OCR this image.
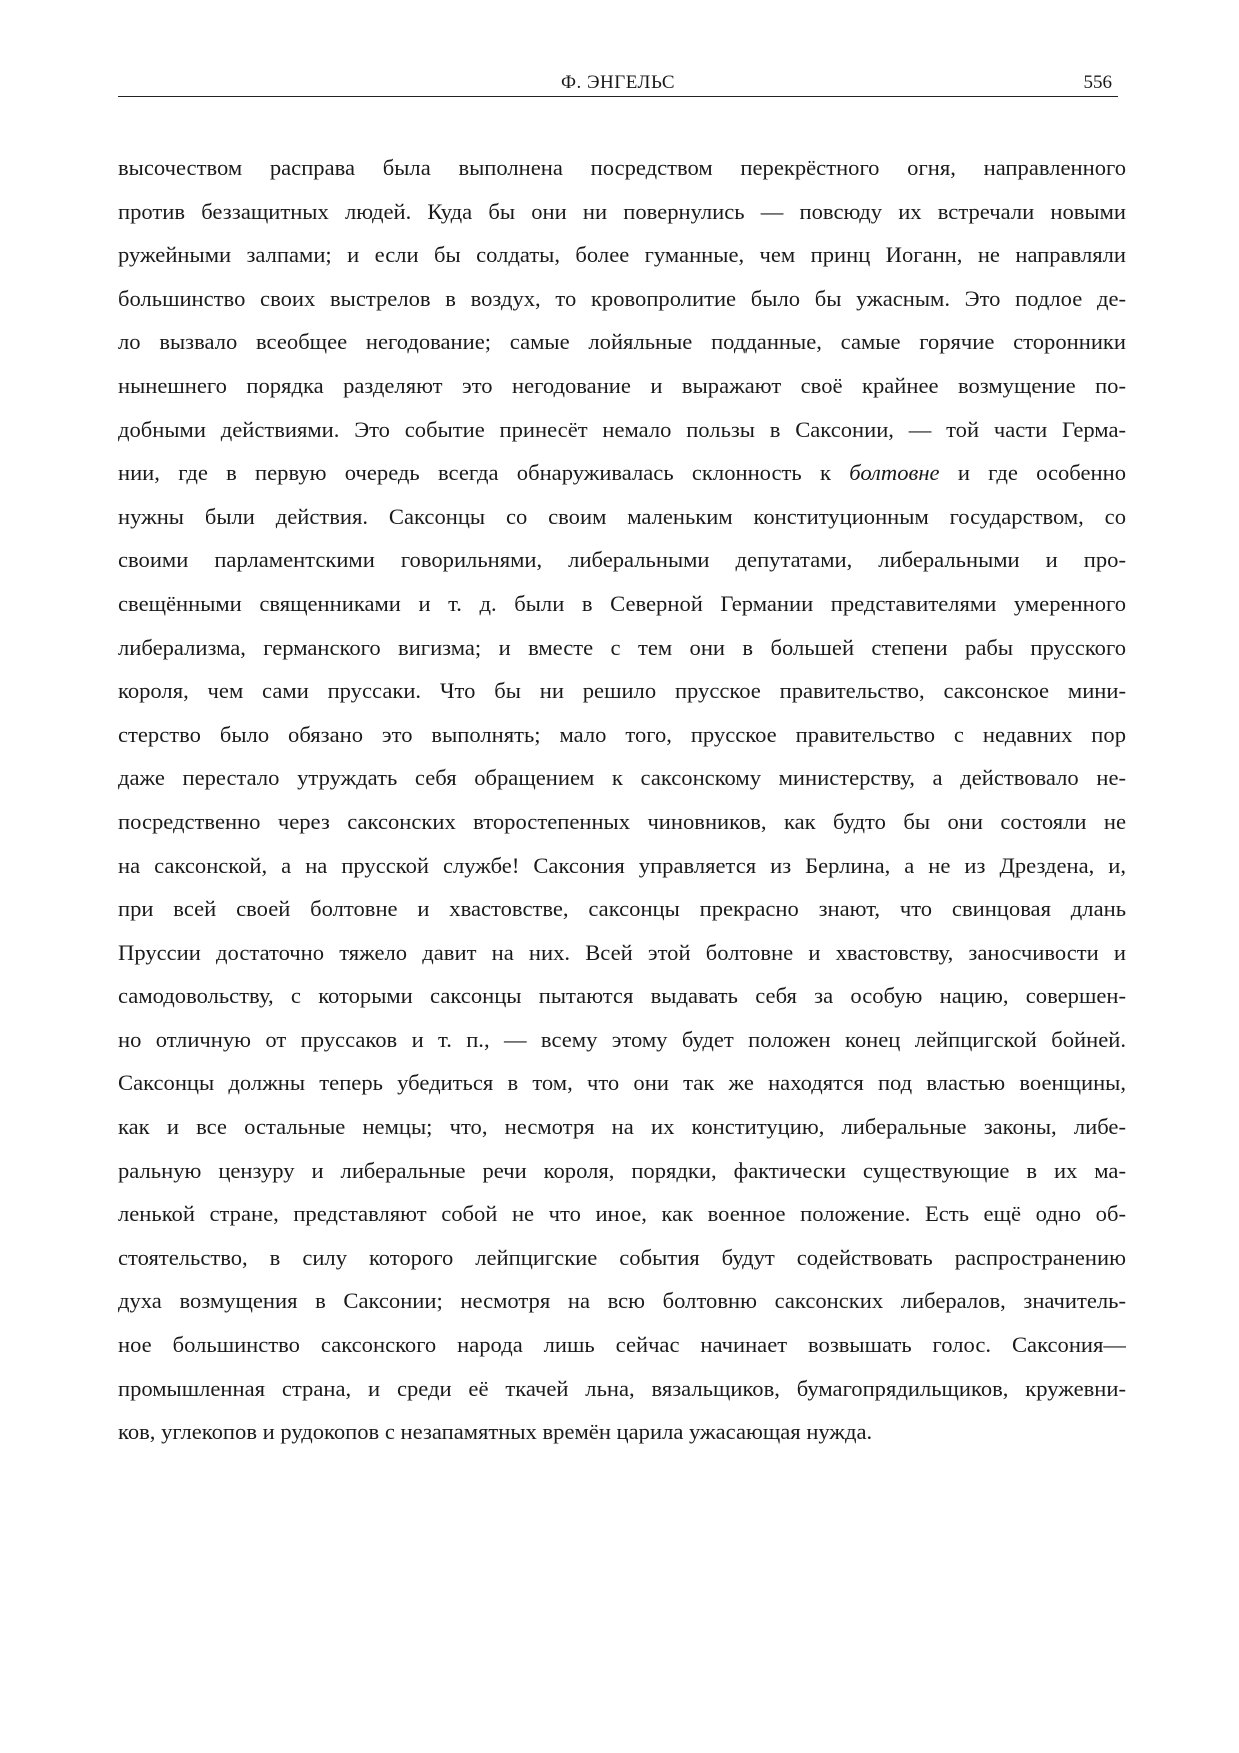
Ф. ЭНГЕЛЬС	556
высочеством расправа была выполнена посредством перекрёстного огня, направленного
против беззащитных людей. Куда бы они ни повернулись — повсюду их встречали новыми
ружейными залпами; и если бы солдаты, более гуманные, чем принц Иоганн, не направляли
большинство своих выстрелов в воздух, то кровопролитие было бы ужасным. Это подлое де-
ло вызвало всеобщее негодование; самые лойяльные подданные, самые горячие сторонники
нынешнего порядка разделяют это негодование и выражают своё крайнее возмущение по-
добными действиями. Это событие принесёт немало пользы в Саксонии, — той части Герма-
нии, где в первую очередь всегда обнаруживалась склонность к болтовне и где особенно
нужны были действия. Саксонцы со своим маленьким конституционным государством, со
своими парламентскими говорильнями, либеральными депутатами, либеральными и про-
свещёнными священниками и т. д. были в Северной Германии представителями умеренного
либерализма, германского вигизма; и вместе с тем они в большей степени рабы прусского
короля, чем сами пруссаки. Что бы ни решило прусское правительство, саксонское мини-
стерство было обязано это выполнять; мало того, прусское правительство с недавних пор
даже перестало утруждать себя обращением к саксонскому министерству, а действовало не-
посредственно через саксонских второстепенных чиновников, как будто бы они состояли не
на саксонской, а на прусской службе! Саксония управляется из Берлина, а не из Дрездена, и,
при всей своей болтовне и хвастовстве, саксонцы прекрасно знают, что свинцовая длань
Пруссии достаточно тяжело давит на них. Всей этой болтовне и хвастовству, заносчивости и
самодовольству, с которыми саксонцы пытаются выдавать себя за особую нацию, совершен-
но отличную от пруссаков и т. п., — всему этому будет положен конец лейпцигской бойней.
Саксонцы должны теперь убедиться в том, что они так же находятся под властью военщины,
как и все остальные немцы; что, несмотря на их конституцию, либеральные законы, либе-
ральную цензуру и либеральные речи короля, порядки, фактически существующие в их ма-
ленькой стране, представляют собой не что иное, как военное положение. Есть ещё одно об-
стоятельство, в силу которого лейпцигские события будут содействовать распространению
духа возмущения в Саксонии; несмотря на всю болтовню саксонских либералов, значитель-
ное большинство саксонского народа лишь сейчас начинает возвышать голос. Саксония—
промышленная страна, и среди её ткачей льна, вязальщиков, бумагопрядильщиков, кружевни-
ков, углекопов и рудокопов с незапамятных времён царила ужасающая нужда.
